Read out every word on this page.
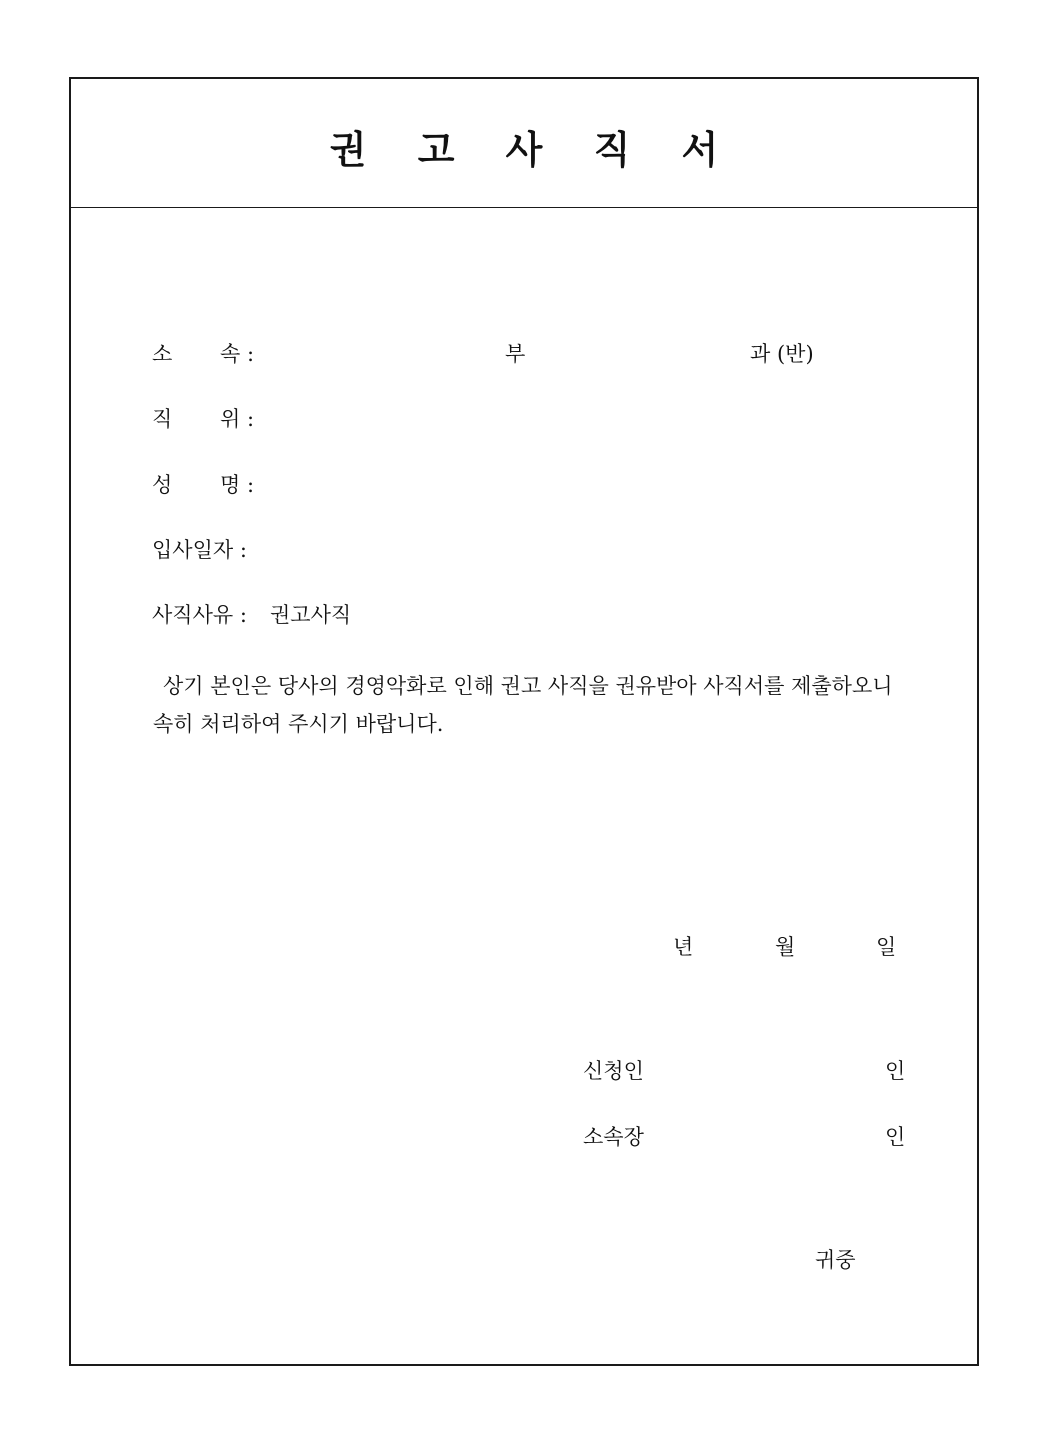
권 고 사 직 서
소 속 :	부	과 (반)
직 위 :
성 명 :
입사일자 :
사직사유 : 권고사직
상기 본인은 당사의 경영악화로 인해 권고 사직을 권유받아 사직서를 제출하오니
속히 처리하여 주시기 바랍니다.
년	월	일
신청인	인
소속장	인
귀중
